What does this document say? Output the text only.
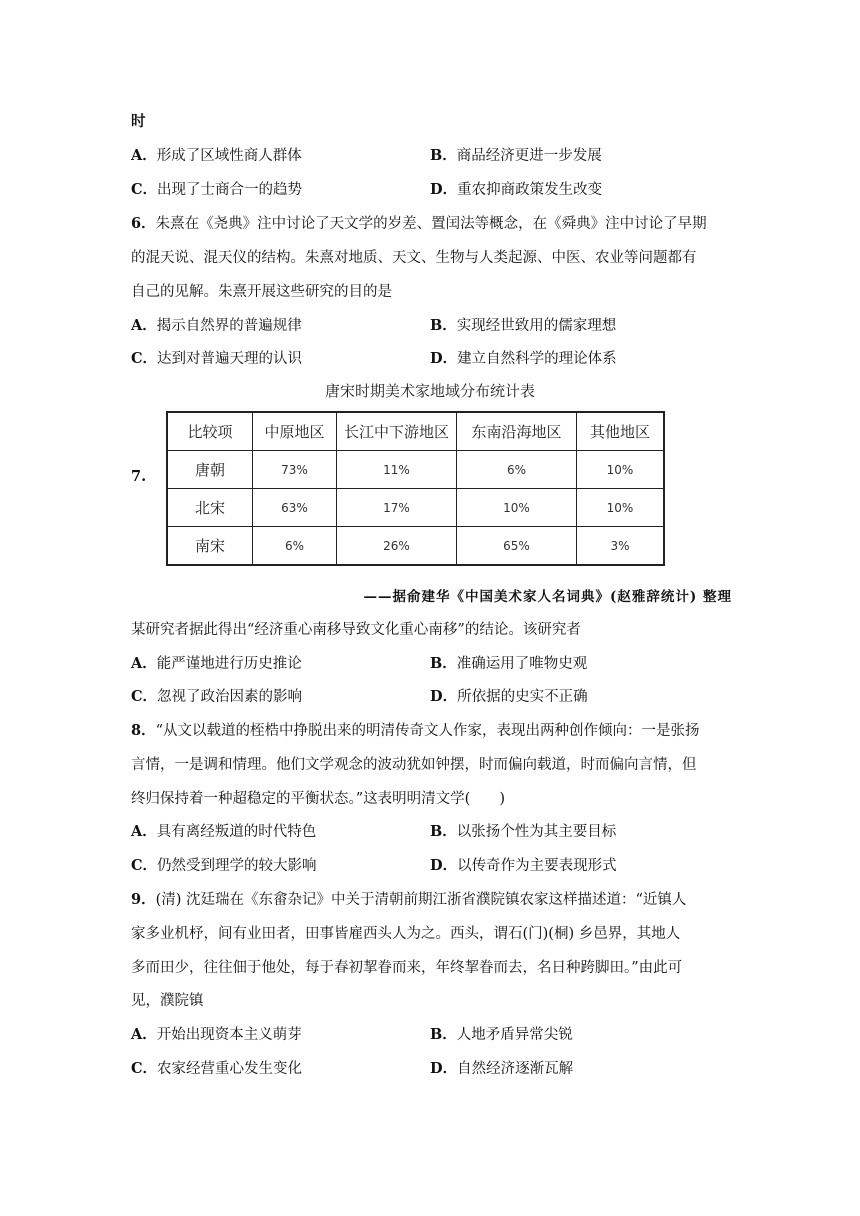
时
A．形成了区域性商人群体	B．商品经济更进一步发展
C．出现了士商合一的趋势	D．重农抑商政策发生改变
6．朱熹在《尧典》注中讨论了天文学的岁差、置闰法等概念，在《舜典》注中讨论了早期
的混天说、混天仪的结构。朱熹对地质、天文、生物与人类起源、中医、农业等问题都有
自己的见解。朱熹开展这些研究的目的是
A．揭示自然界的普遍规律	B．实现经世致用的儒家理想
C．达到对普遍天理的认识	D．建立自然科学的理论体系
唐宋时期美术家地域分布统计表
7.
比较项	中原地区	长江中下游地区	东南沿海地区	其他地区
唐朝	73%	11%	6%	10%
北宋	63%	17%	10%	10%
南宋	6%	26%	65%	3%
——据俞建华《中国美术家人名词典》(赵雅辞统计) 整理
某研究者据此得出“经济重心南移导致文化重心南移”的结论。该研究者
A．能严谨地进行历史推论	B．准确运用了唯物史观
C．忽视了政治因素的影响	D．所依据的史实不正确
8．“从文以载道的桎梏中挣脱出来的明清传奇文人作家，表现出两种创作倾向：一是张扬
言情，一是调和情理。他们文学观念的波动犹如钟摆，时而偏向载道，时而偏向言情，但
终归保持着一种超稳定的平衡状态。”这表明明清文学(　　)
A．具有离经叛道的时代特色	B．以张扬个性为其主要目标
C．仍然受到理学的较大影响	D．以传奇作为主要表现形式
9．(清) 沈廷瑞在《东畲杂记》中关于清朝前期江浙省濮院镇农家这样描述道：“近镇人
家多业机杼，间有业田者，田事皆雇西头人为之。西头，谓石(门)(桐) 乡邑界，其地人
多而田少，往往佃于他处，每于春初挈眷而来，年终挈眷而去，名日种跨脚田。”由此可
见，濮院镇
A．开始出现资本主义萌芽	B．人地矛盾异常尖锐
C．农家经营重心发生变化	D．自然经济逐渐瓦解
